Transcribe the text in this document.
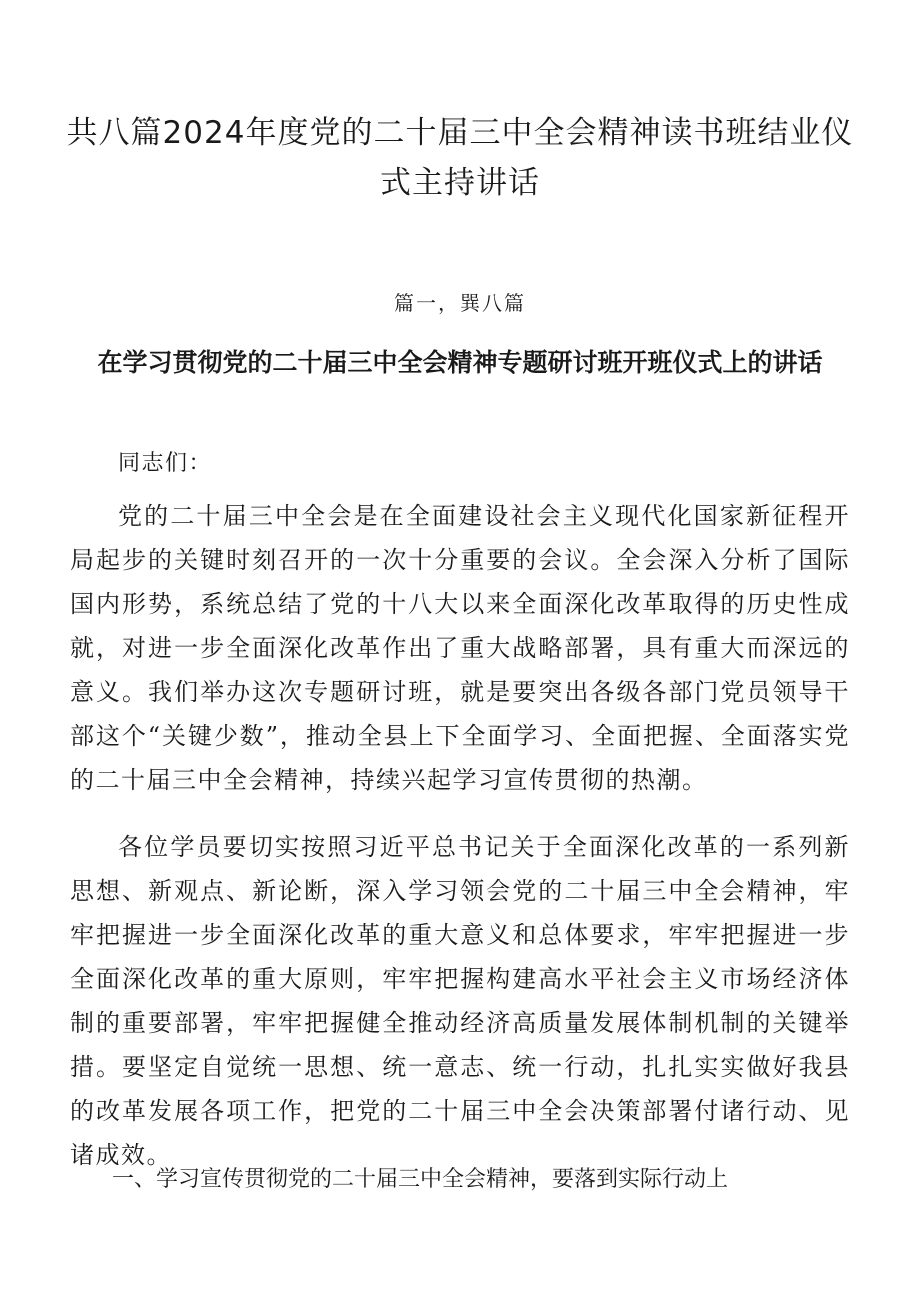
共八篇2024年度党的二十届三中全会精神读书班结业仪式主持讲话

篇一，巽八篇

在学习贯彻党的二十届三中全会精神专题研讨班开班仪式上的讲话

同志们：

党的二十届三中全会是在全面建设社会主义现代化国家新征程开局起步的关键时刻召开的一次十分重要的会议。全会深入分析了国际国内形势，系统总结了党的十八大以来全面深化改革取得的历史性成就，对进一步全面深化改革作出了重大战略部署，具有重大而深远的意义。我们举办这次专题研讨班，就是要突出各级各部门党员领导干部这个“关键少数”，推动全县上下全面学习、全面把握、全面落实党的二十届三中全会精神，持续兴起学习宣传贯彻的热潮。

各位学员要切实按照习近平总书记关于全面深化改革的一系列新思想、新观点、新论断，深入学习领会党的二十届三中全会精神，牢牢把握进一步全面深化改革的重大意义和总体要求，牢牢把握进一步全面深化改革的重大原则，牢牢把握构建高水平社会主义市场经济体制的重要部署，牢牢把握健全推动经济高质量发展体制机制的关键举措。要坚定自觉统一思想、统一意志、统一行动，扎扎实实做好我县的改革发展各项工作，把党的二十届三中全会决策部署付诸行动、见诸成效。

一、学习宣传贯彻党的二十届三中全会精神，要落到实际行动上
